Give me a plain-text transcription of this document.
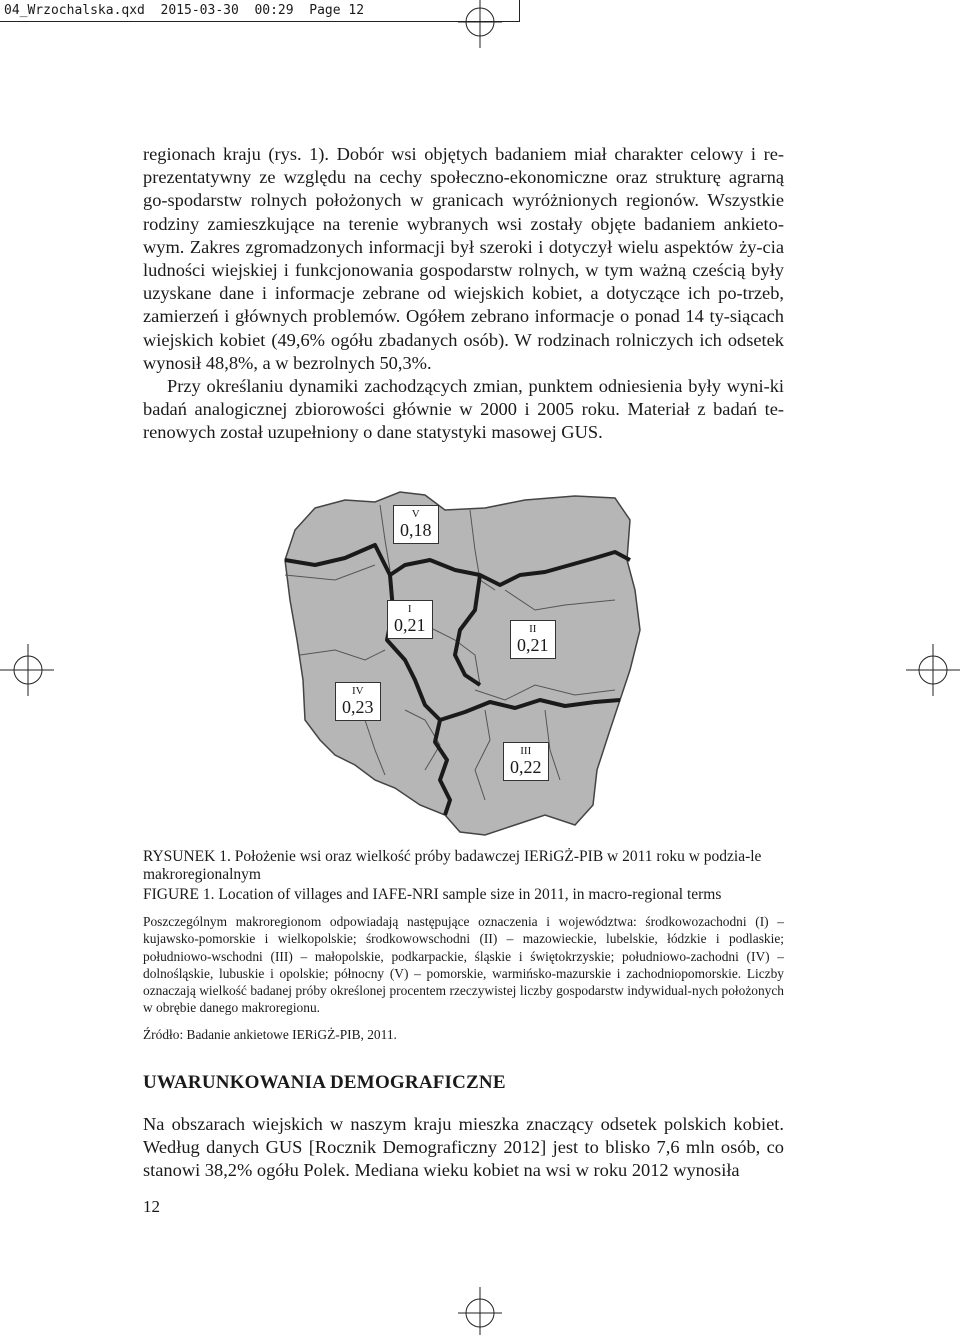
04_Wrzochalska.qxd  2015-03-30  00:29  Page 12

regionach kraju (rys. 1). Dobór wsi objętych badaniem miał charakter celowy i re-prezentatywny ze względu na cechy społeczno-ekonomiczne oraz strukturę agrarną go-spodarstw rolnych położonych w granicach wyróżnionych regionów. Wszystkie rodziny zamieszkujące na terenie wybranych wsi zostały objęte badaniem ankieto-wym. Zakres zgromadzonych informacji był szeroki i dotyczył wielu aspektów ży-cia ludności wiejskiej i funkcjonowania gospodarstw rolnych, w tym ważną cześcią były uzyskane dane i informacje zebrane od wiejskich kobiet, a dotyczące ich po-trzeb, zamierzeń i głównych problemów. Ogółem zebrano informacje o ponad 14 ty-siącach wiejskich kobiet (49,6% ogółu zbadanych osób). W rodzinach rolniczych ich odsetek wynosił 48,8%, a w bezrolnych 50,3%.

Przy określaniu dynamiki zachodzących zmian, punktem odniesienia były wyni-ki badań analogicznej zbiorowości głównie w 2000 i 2005 roku. Materiał z badań te-renowych został uzupełniony o dane statystyki masowej GUS.

V
0,18
I
0,21	II
0,21
IV
0,23
III
0,22

RYSUNEK 1. Położenie wsi oraz wielkość próby badawczej IERiGŻ-PIB w 2011 roku w podzia-le makroregionalnym

FIGURE 1. Location of villages and IAFE-NRI sample size in 2011, in macro-regional terms

Poszczególnym makroregionom odpowiadają następujące oznaczenia i województwa: środkowozachodni (I) – kujawsko-pomorskie i wielkopolskie; środkowowschodni (II) – mazowieckie, lubelskie, łódzkie i podlaskie; południowo-wschodni (III) – małopolskie, podkarpackie, śląskie i świętokrzyskie; południowo-zachodni (IV) – dolnośląskie, lubuskie i opolskie; północny (V) – pomorskie, warmińsko-mazurskie i zachodniopomorskie. Liczby oznaczają wielkość badanej próby określonej procentem rzeczywistej liczby gospodarstw indywidual-nych położonych w obrębie danego makroregionu.

Źródło: Badanie ankietowe IERiGŻ-PIB, 2011.

UWARUNKOWANIA DEMOGRAFICZNE

Na obszarach wiejskich w naszym kraju mieszka znaczący odsetek polskich kobiet. Według danych GUS [Rocznik Demograficzny 2012] jest to blisko 7,6 mln osób, co stanowi 38,2% ogółu Polek. Mediana wieku kobiet na wsi w roku 2012 wynosiła

12
